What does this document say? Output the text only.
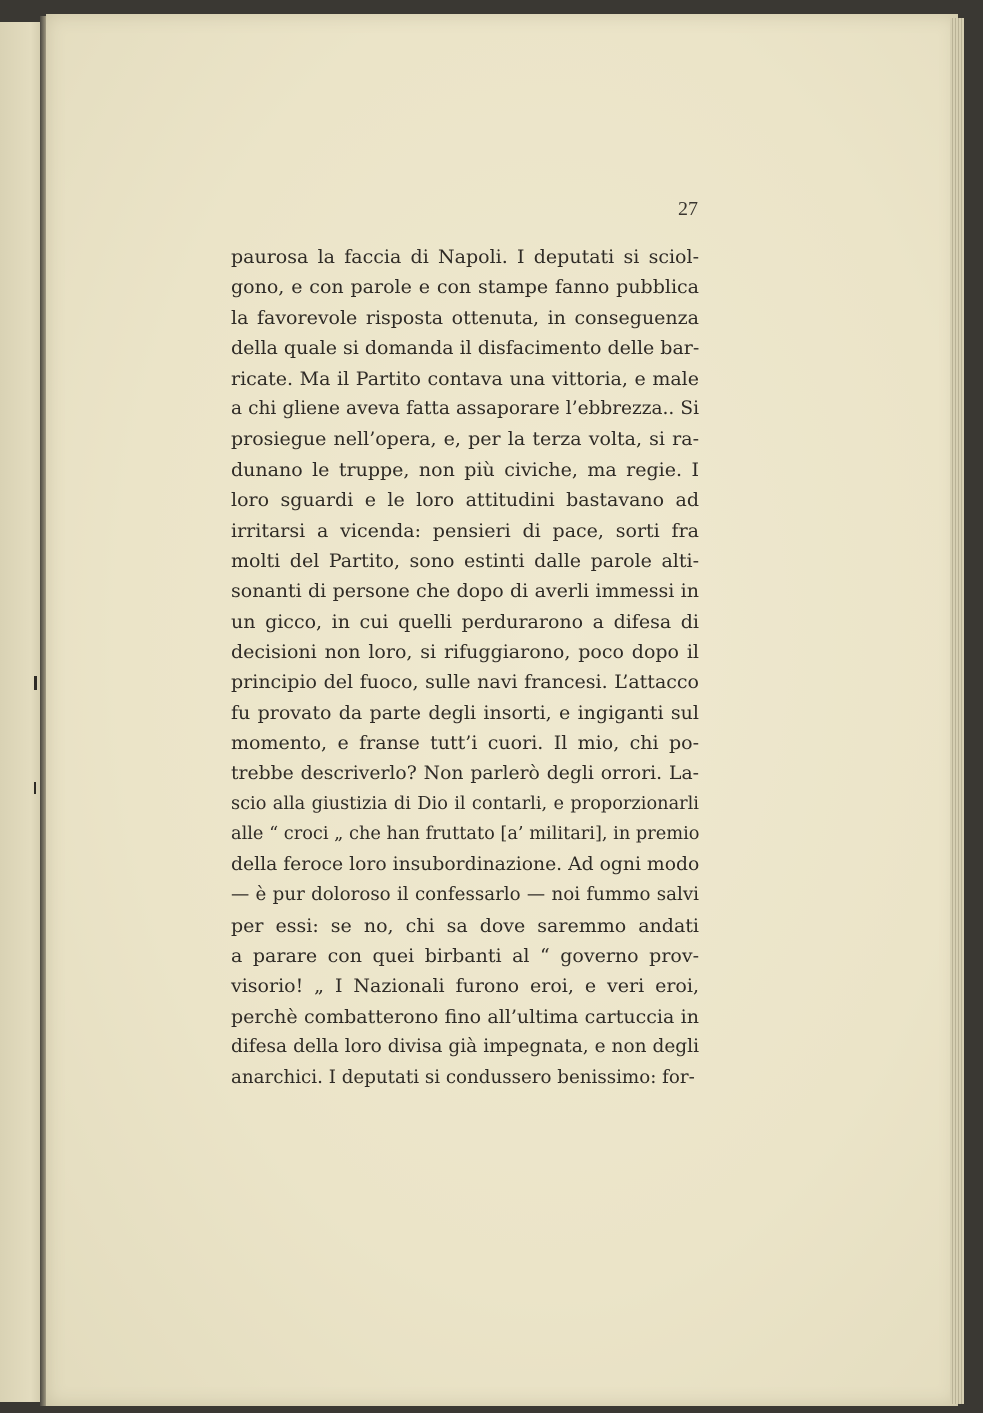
27
paurosa la faccia di Napoli. I deputati si sciol-
gono, e con parole e con stampe fanno pubblica
la favorevole risposta ottenuta, in conseguenza
della quale si domanda il disfacimento delle bar-
ricate. Ma il Partito contava una vittoria, e male
a chi gliene aveva fatta assaporare l’ebbrezza.. Si
prosiegue nell’opera, e, per la terza volta, si ra-
dunano le truppe, non più civiche, ma regie. I
loro sguardi e le loro attitudini bastavano ad
irritarsi a vicenda: pensieri di pace, sorti fra
molti del Partito, sono estinti dalle parole alti-
sonanti di persone che dopo di averli immessi in
un gicco, in cui quelli perdurarono a difesa di
decisioni non loro, si rifuggiarono, poco dopo il
principio del fuoco, sulle navi francesi. L’attacco
fu provato da parte degli insorti, e ingiganti sul
momento, e franse tutt’i cuori. Il mio, chi po-
trebbe descriverlo? Non parlerò degli orrori. La-
scio alla giustizia di Dio il contarli, e proporzionarli
alle “ croci „ che han fruttato [a’ militari], in premio
della feroce loro insubordinazione. Ad ogni modo
— è pur doloroso il confessarlo — noi fummo salvi
per essi: se no, chi sa dove saremmo andati
a parare con quei birbanti al “ governo prov-
visorio! „ I Nazionali furono eroi, e veri eroi,
perchè combatterono fino all’ultima cartuccia in
difesa della loro divisa già impegnata, e non degli
anarchici. I deputati si condussero benissimo: for-
